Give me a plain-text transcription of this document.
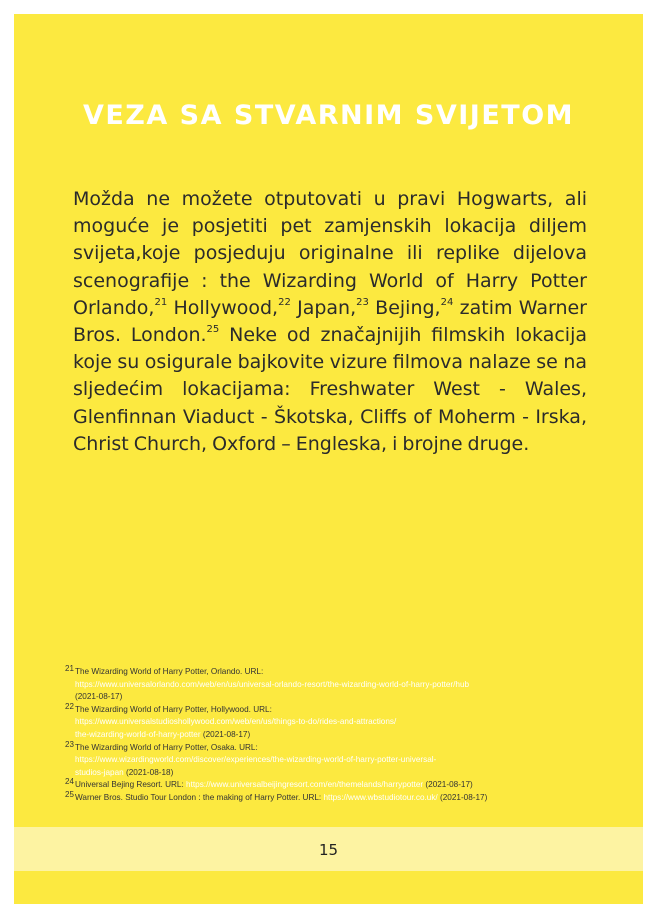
VEZA SA STVARNIM SVIJETOM
Možda ne možete otputovati u pravi Hogwarts, ali moguće je posjetiti pet zamjenskih lokacija diljem svijeta,koje posjeduju originalne ili replike dijelova scenografije : the Wizarding World of Harry Potter Orlando,$^{21}$ Hollywood,$^{22}$ Japan,$^{23}$ Bejing,$^{24}$ zatim Warner Bros. London.$^{25}$ Neke od značajnijih filmskih lokacija koje su osigurale bajkovite vizure filmova nalaze se na sljedećim lokacijama: Freshwater West - Wales, Glenfinnan Viaduct - Škotska, Cliffs of Moherm - Irska, Christ Church, Oxford – Engleska, i brojne druge.
21 The Wizarding World of Harry Potter, Orlando. URL:
https://www.universalorlando.com/web/en/us/universal-orlando-resort/the-wizarding-world-of-harry-potter/hub
(2021-08-17)
22 The Wizarding World of Harry Potter, Hollywood. URL:
https://www.universalstudioshollywood.com/web/en/us/things-to-do/rides-and-attractions/
the-wizarding-world-of-harry-potter (2021-08-17)
23 The Wizarding World of Harry Potter, Osaka. URL:
https://www.wizardingworld.com/discover/experiences/the-wizarding-world-of-harry-potter-universal-
studios-japan (2021-08-18)
24 Universal Bejing Resort. URL: https://www.universalbeijingresort.com/en/themelands/harrypotter (2021-08-17)
25 Warner Bros. Studio Tour London : the making of Harry Potter. URL: https://www.wbstudiotour.co.uk/ (2021-08-17)
15
